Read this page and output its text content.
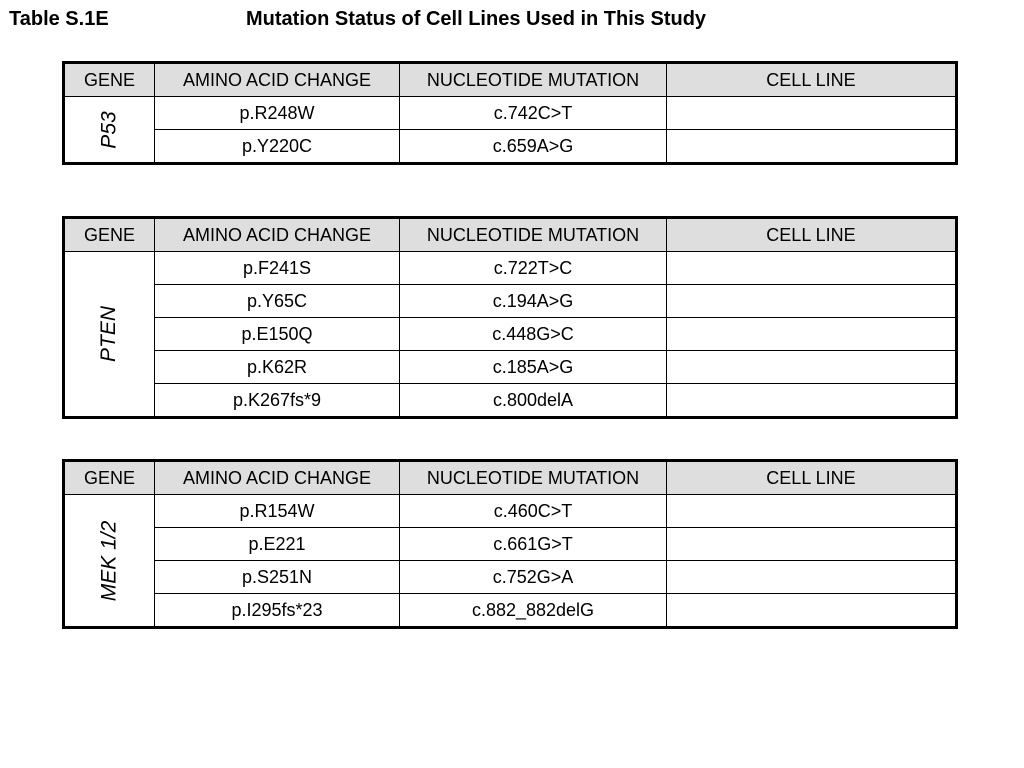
Table S.1E	Mutation Status of Cell Lines Used in This Study
GENE	AMINO ACID CHANGE	NUCLEOTIDE MUTATION	CELL LINE
P53	p.R248W	c.742C>T	
	p.Y220C	c.659A>G	
GENE	AMINO ACID CHANGE	NUCLEOTIDE MUTATION	CELL LINE
PTEN	p.F241S	c.722T>C	
	p.Y65C	c.194A>G	
	p.E150Q	c.448G>C	
	p.K62R	c.185A>G	
	p.K267fs*9	c.800delA	
GENE	AMINO ACID CHANGE	NUCLEOTIDE MUTATION	CELL LINE
MEK 1/2	p.R154W	c.460C>T	
	p.E221	c.661G>T	
	p.S251N	c.752G>A	
	p.I295fs*23	c.882_882delG	
